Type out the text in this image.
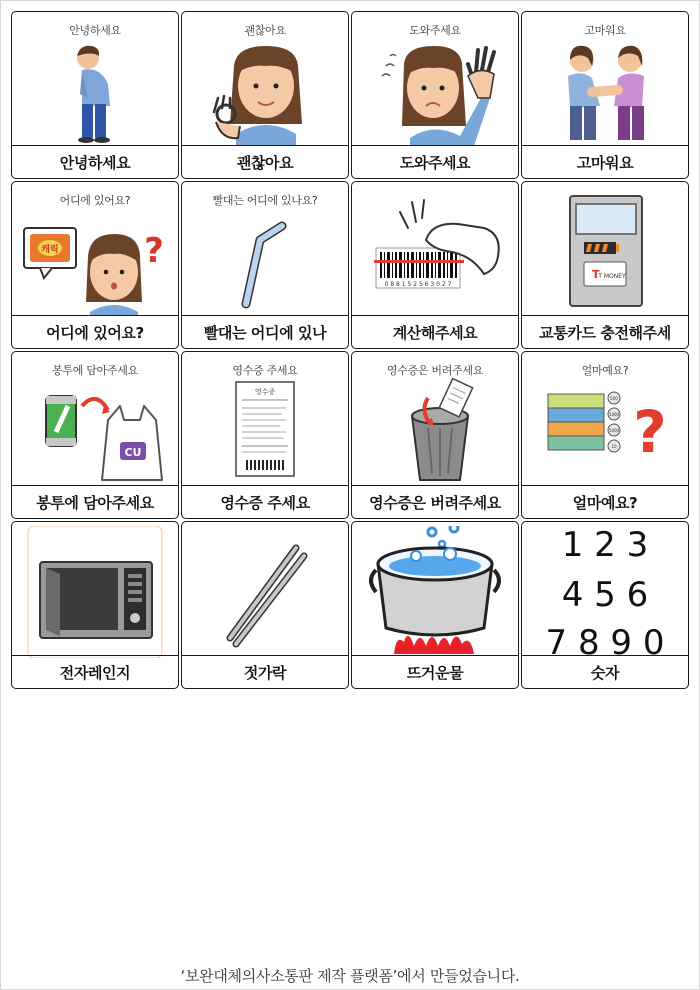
안녕하세요
안녕하세요
괜찮아요
괜찮아요
도와주세요
도와주세요
고마워요
고마워요
어디에 있어요?
캐릭	?
어디에 있어요?
빨대는 어디에 있나요?
빨대는 어디에 있나
0 8 8 1 5 2 5 6 3 0 2 7
계산해주세요
T
T MONEY
교통카드 충전해주세
봉투에 담아주세요
CU
봉투에 담아주세요
영수증 주세요
영수증
영수증 주세요
영수증은 버려주세요
영수증은 버려주세요
얼마예요?
500
1000
5000
10 ?
얼마예요?
전자레인지	젓가락	뜨거운물
1 2 3
4 5 6
7 8 9 0
숫자
‘보완대체의사소통판 제작 플랫폼’에서 만들었습니다.
